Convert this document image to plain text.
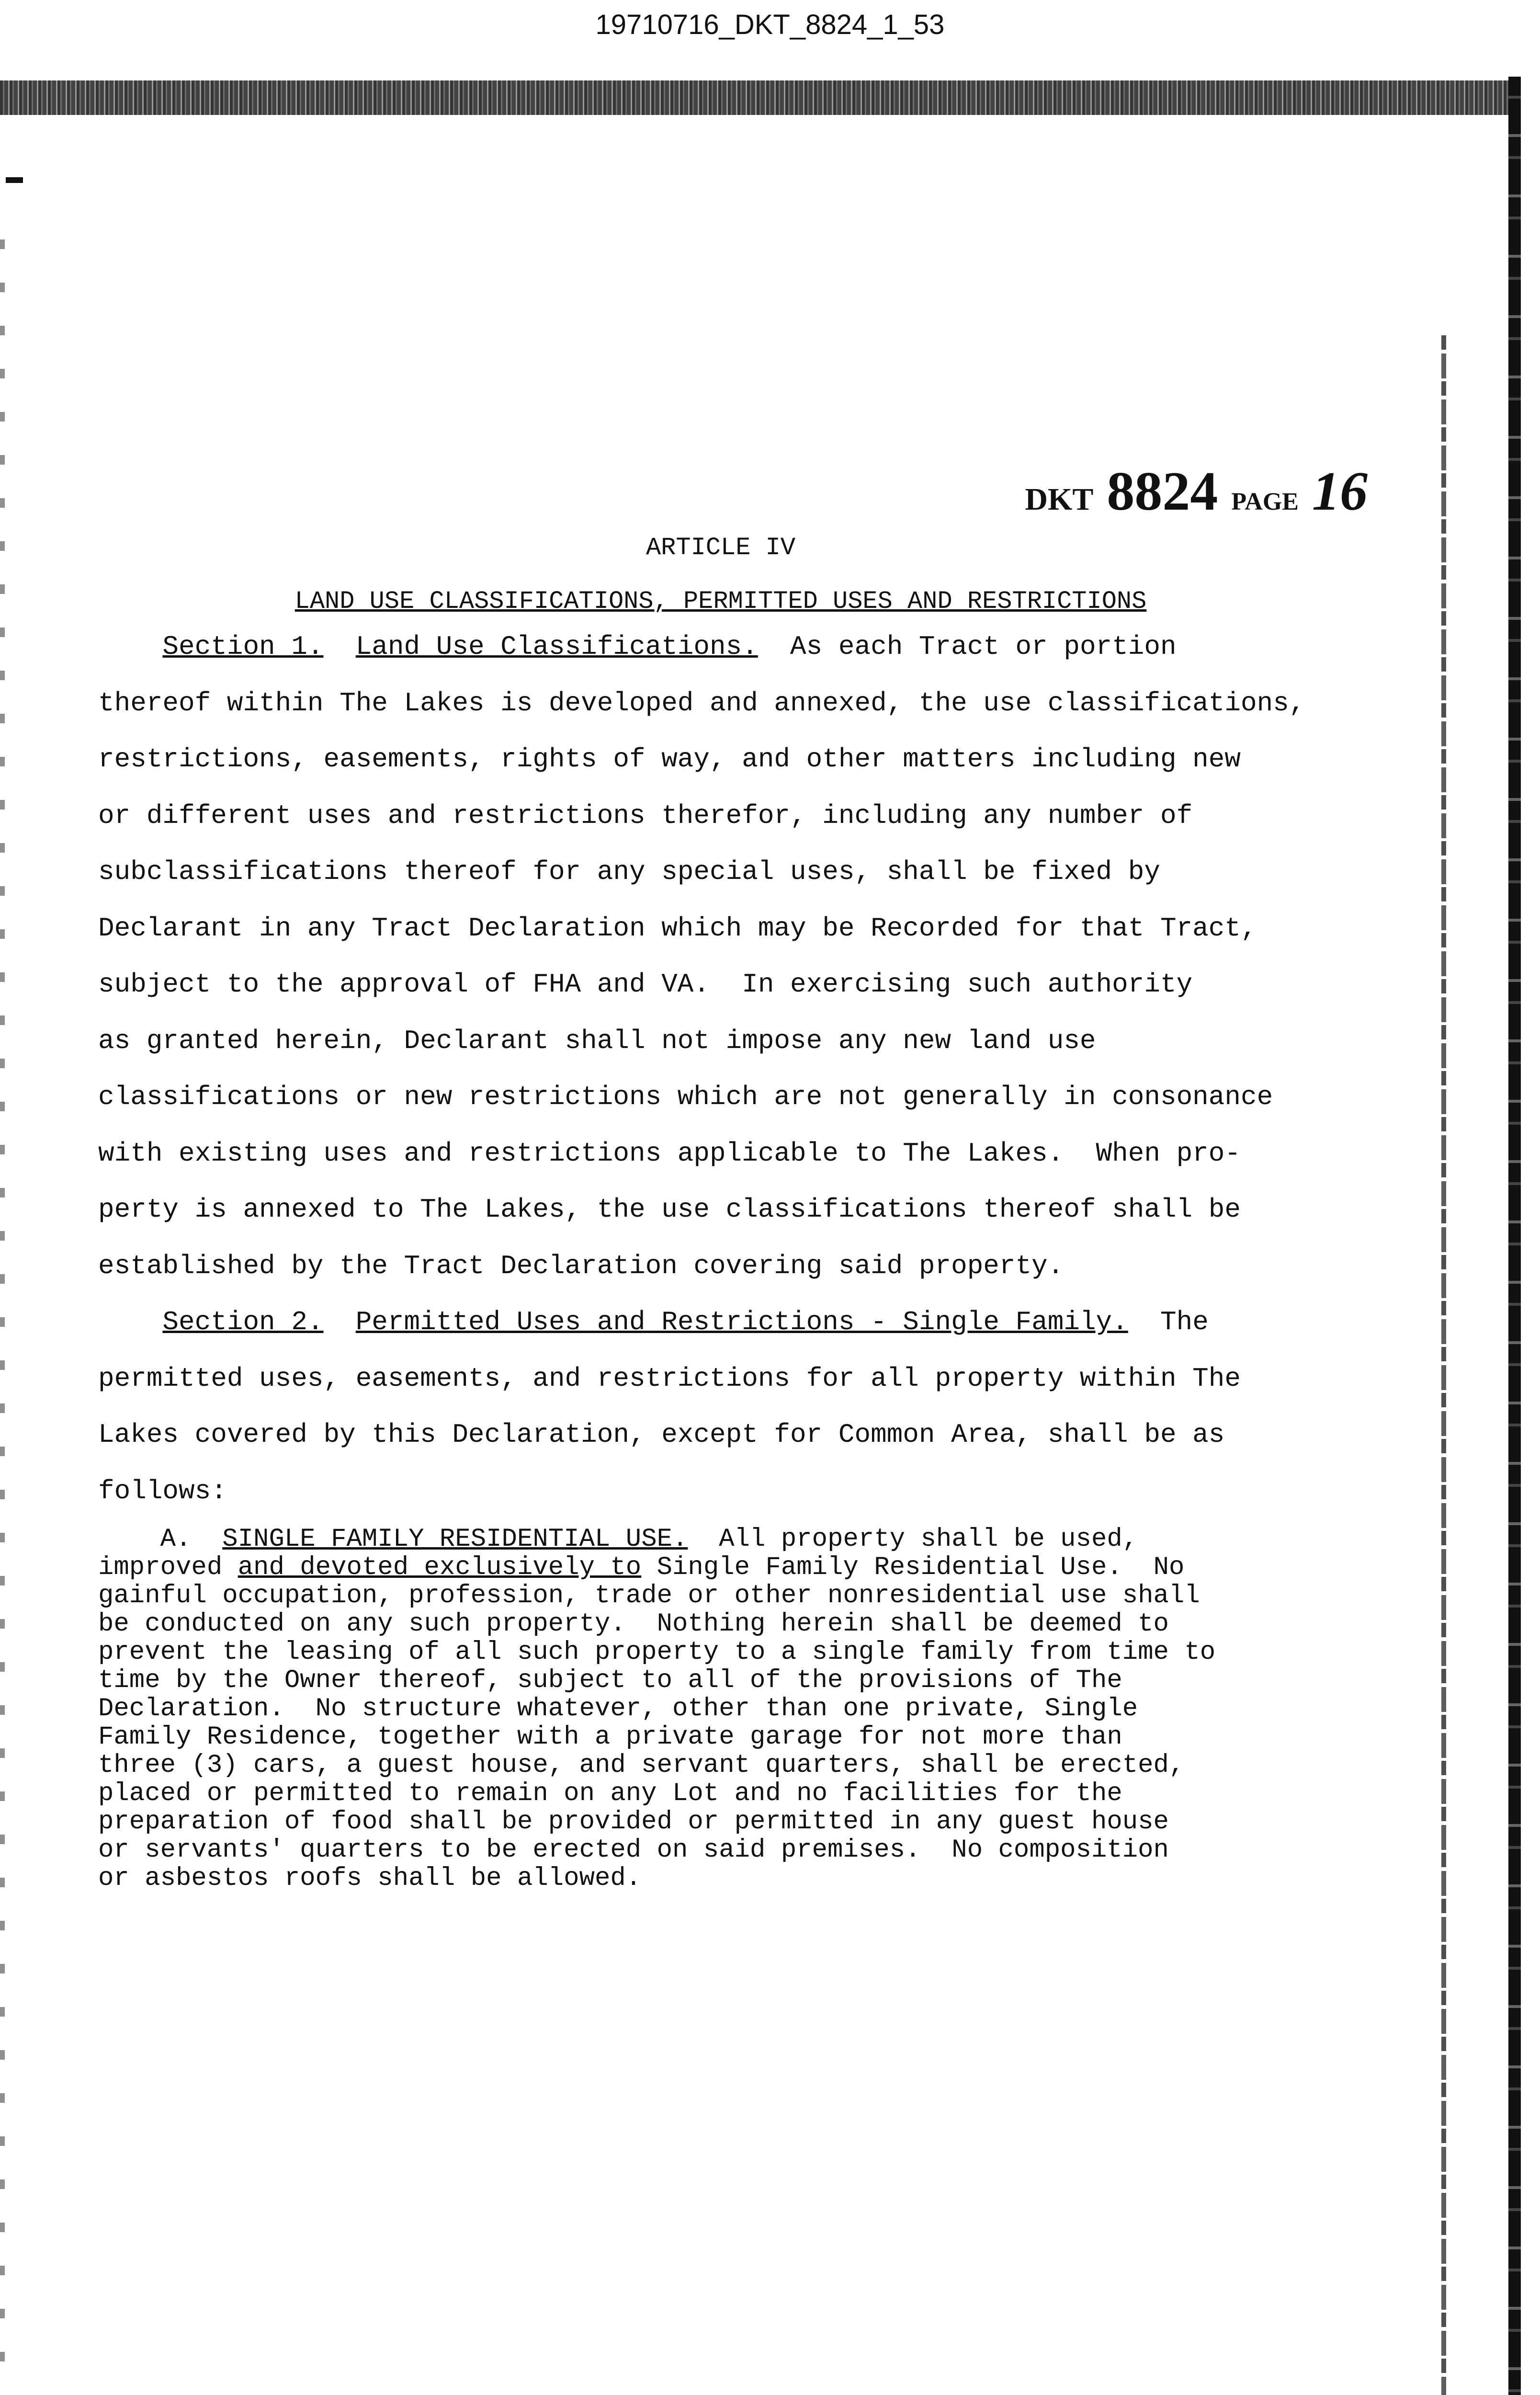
19710716_DKT_8824_1_53
DKT 8824 PAGE 16

ARTICLE IV

LAND USE CLASSIFICATIONS, PERMITTED USES AND RESTRICTIONS

Section 1. Land Use Classifications.  As each Tract or portion

thereof within The Lakes is developed and annexed, the use classifications,

restrictions, easements, rights of way, and other matters including new

or different uses and restrictions therefor, including any number of

subclassifications thereof for any special uses, shall be fixed by

Declarant in any Tract Declaration which may be Recorded for that Tract,

subject to the approval of FHA and VA.  In exercising such authority

as granted herein, Declarant shall not impose any new land use

classifications or new restrictions which are not generally in consonance

with existing uses and restrictions applicable to The Lakes.  When pro-

perty is annexed to The Lakes, the use classifications thereof shall be

established by the Tract Declaration covering said property.

Section 2. Permitted Uses and Restrictions - Single Family.  The

permitted uses, easements, and restrictions for all property within The

Lakes covered by this Declaration, except for Common Area, shall be as

follows:

A. SINGLE FAMILY RESIDENTIAL USE.  All property shall be used,

improved and devoted exclusively to Single Family Residential Use.  No

gainful occupation, profession, trade or other nonresidential use shall

be conducted on any such property.  Nothing herein shall be deemed to

prevent the leasing of all such property to a single family from time to

time by the Owner thereof, subject to all of the provisions of The

Declaration.  No structure whatever, other than one private, Single

Family Residence, together with a private garage for not more than

three (3) cars, a guest house, and servant quarters, shall be erected,

placed or permitted to remain on any Lot and no facilities for the

preparation of food shall be provided or permitted in any guest house

or servants' quarters to be erected on said premises.  No composition

or asbestos roofs shall be allowed.
